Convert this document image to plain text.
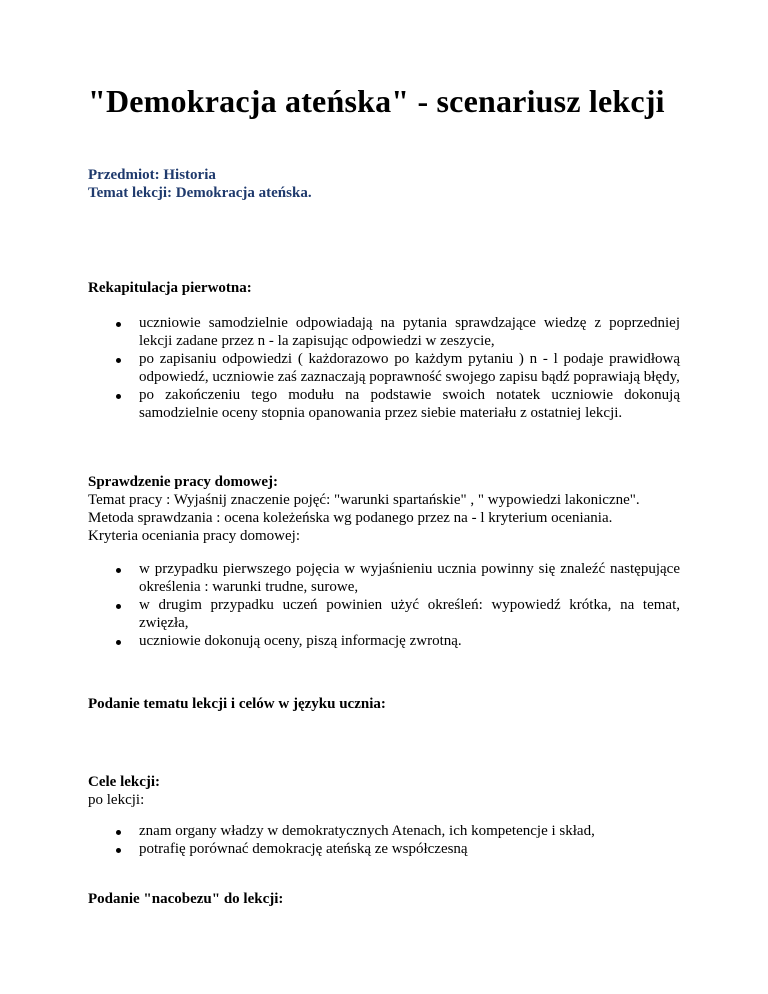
"Demokracja ateńska" - scenariusz lekcji
Przedmiot: Historia
Temat lekcji: Demokracja ateńska.
Rekapitulacja pierwotna:
uczniowie samodzielnie odpowiadają na pytania sprawdzające wiedzę z poprzedniej lekcji zadane przez n - la zapisując odpowiedzi w zeszycie,
po zapisaniu odpowiedzi ( każdorazowo po każdym pytaniu ) n - l podaje prawidłową odpowiedź, uczniowie zaś zaznaczają poprawność swojego zapisu bądź poprawiają błędy,
po zakończeniu tego modułu na podstawie swoich notatek uczniowie dokonują samodzielnie oceny stopnia opanowania przez siebie materiału z ostatniej lekcji.
Sprawdzenie pracy domowej:
Temat pracy : Wyjaśnij znaczenie pojęć: "warunki spartańskie" , " wypowiedzi lakoniczne".
Metoda sprawdzania : ocena koleżeńska wg podanego przez na - l kryterium oceniania.
Kryteria oceniania pracy domowej:
w przypadku pierwszego pojęcia w wyjaśnieniu ucznia powinny się znaleźć następujące określenia : warunki trudne, surowe,
w drugim przypadku uczeń powinien użyć określeń: wypowiedź krótka, na temat, zwięzła,
uczniowie dokonują oceny, piszą informację zwrotną.
Podanie tematu lekcji i celów w języku ucznia:
Cele lekcji:
po lekcji:
znam organy władzy w demokratycznych Atenach, ich kompetencje i skład,
potrafię porównać demokrację ateńską ze współczesną
Podanie "nacobezu" do lekcji:
